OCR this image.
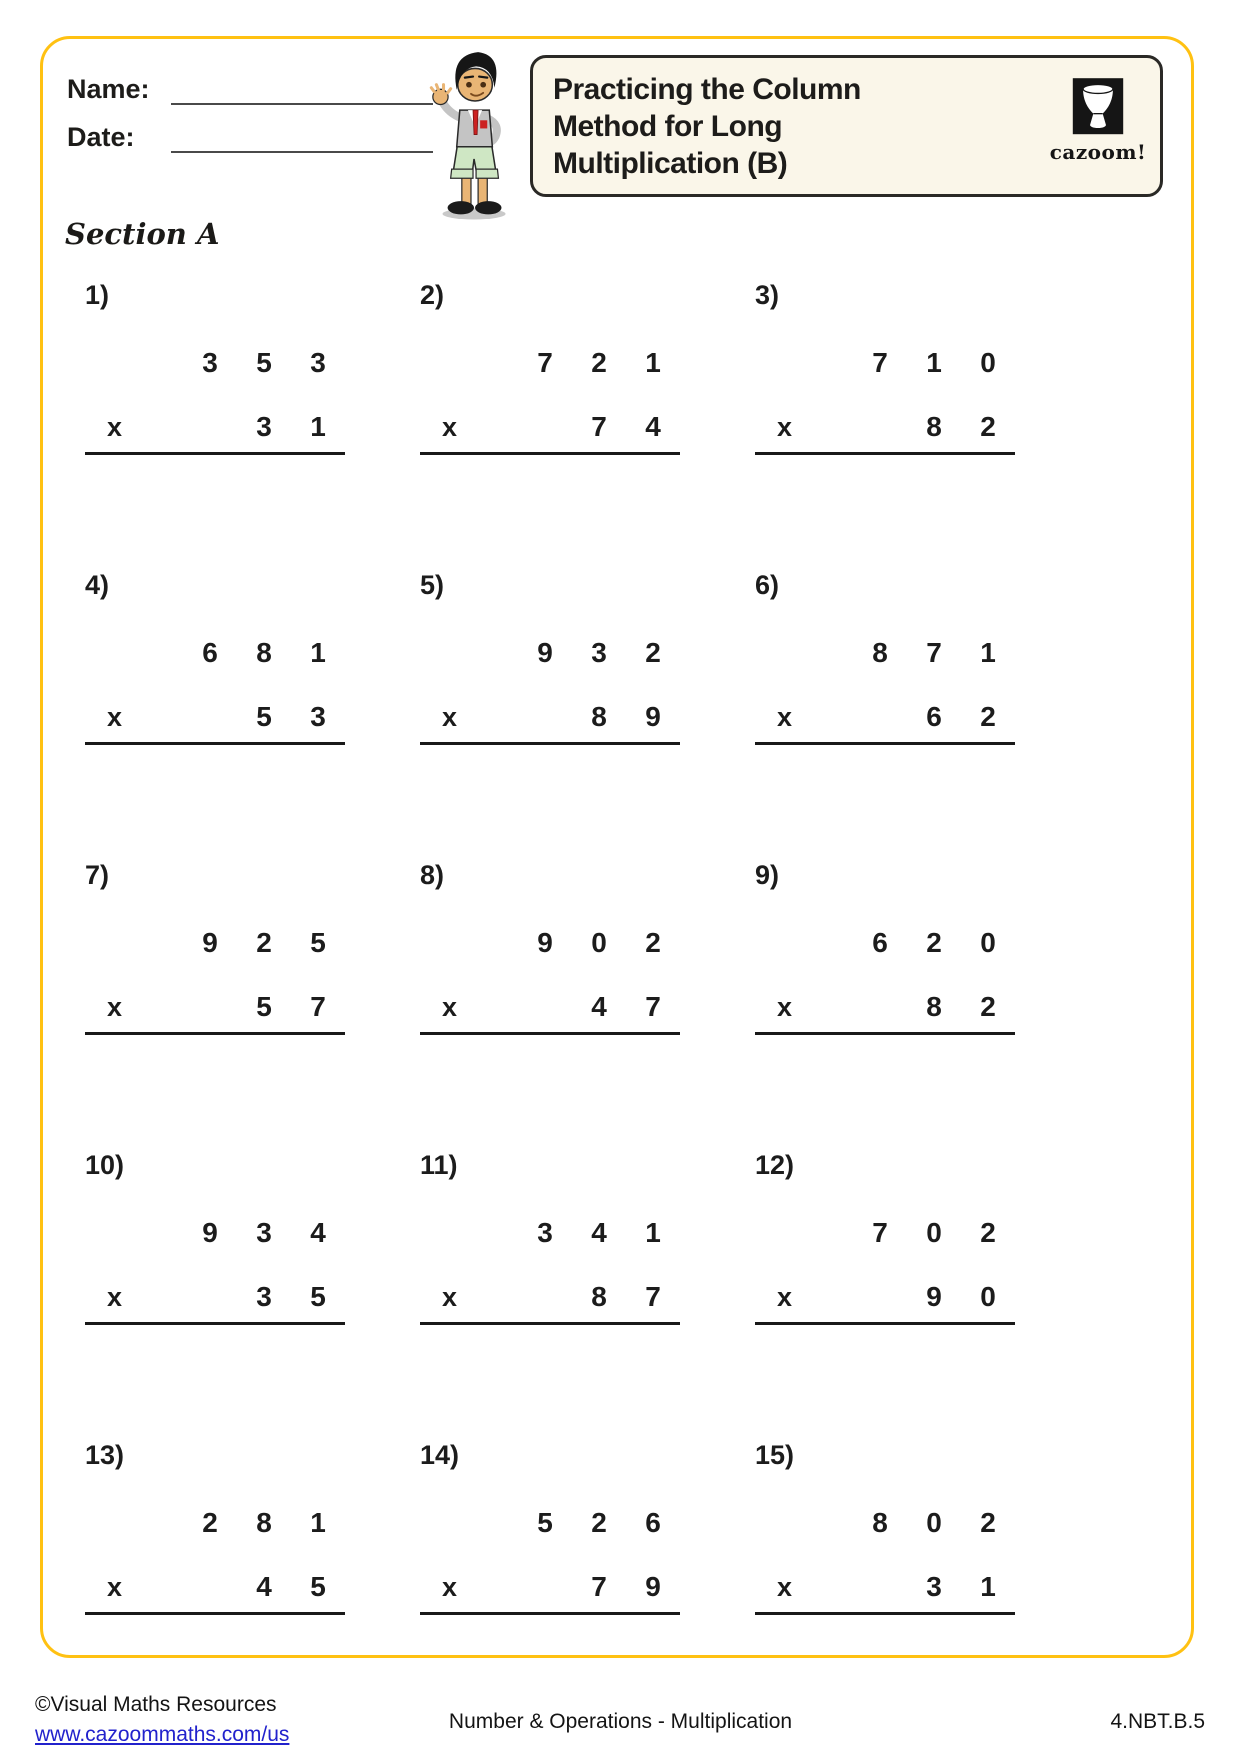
Name:
Date:
Practicing the Column
Method for Long
Multiplication (B)	cazoom!
Section A
1)
3	5	3
x	3	1
2)
7	2	1
x	7	4
3)
7	1	0
x	8	2
4)
6	8	1
x	5	3
5)
9	3	2
x	8	9
6)
8	7	1
x	6	2
7)
9	2	5
x	5	7
8)
9	0	2
x	4	7
9)
6	2	0
x	8	2
10)
9	3	4
x	3	5
11)
3	4	1
x	8	7
12)
7	0	2
x	9	0
13)
2	8	1
x	4	5
14)
5	2	6
x	7	9
15)
8	0	2
x	3	1
©Visual Maths Resources
www.cazoommaths.com/us
Number & Operations - Multiplication	4.NBT.B.5
